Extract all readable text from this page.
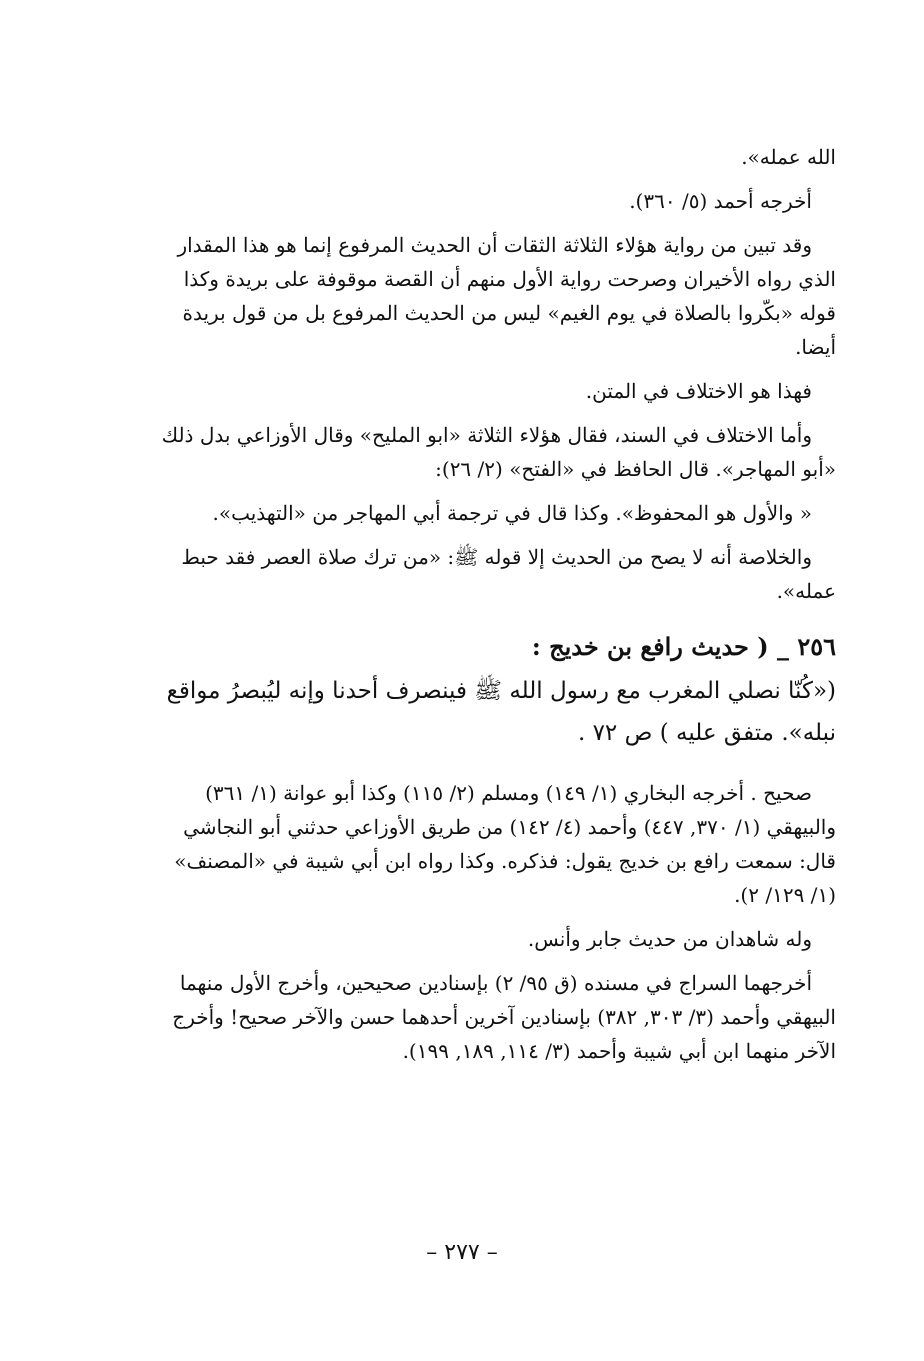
الله عمله».

أخرجه أحمد (٥/ ٣٦٠).

وقد تبين من رواية هؤلاء الثلاثة الثقات أن الحديث المرفوع إنما هو هذا المقدار الذي رواه الأخيران وصرحت رواية الأول منهم أن القصة موقوفة على بريدة وكذا قوله «بكّروا بالصلاة في يوم الغيم» ليس من الحديث المرفوع بل من قول بريدة أيضا.

فهذا هو الاختلاف في المتن.

وأما الاختلاف في السند، فقال هؤلاء الثلاثة «ابو المليح» وقال الأوزاعي بدل ذلك «أبو المهاجر». قال الحافظ في «الفتح» (٢/ ٢٦):

« والأول هو المحفوظ». وكذا قال في ترجمة أبي المهاجر من «التهذيب».

والخلاصة أنه لا يصح من الحديث إلا قوله ﷺ: «من ترك صلاة العصر فقد حبط عمله».

٢٥٦ _ ( حديث رافع بن خديج :

(«كُنّا نصلي المغرب مع رسول الله ﷺ فينصرف أحدنا وإنه ليُبصرُ مواقع نبله». متفق عليه ) ص ٧٢ .

صحيح . أخرجه البخاري (١/ ١٤٩) ومسلم (٢/ ١١٥) وكذا أبو عوانة (١/ ٣٦١) والبيهقي (١/ ٣٧٠, ٤٤٧) وأحمد (٤/ ١٤٢) من طريق الأوزاعي حدثني أبو النجاشي قال: سمعت رافع بن خديج يقول: فذكره. وكذا رواه ابن أبي شيبة في «المصنف» (١/ ١٢٩/ ٢).

وله شاهدان من حديث جابر وأنس.

أخرجهما السراج في مسنده (ق ٩٥/ ٢) بإسنادين صحيحين، وأخرج الأول منهما البيهقي وأحمد (٣/ ٣٠٣, ٣٨٢) بإسنادين آخرين أحدهما حسن والآخر صحيح! وأخرج الآخر منهما ابن أبي شيبة وأحمد (٣/ ١١٤, ١٨٩, ١٩٩).

– ٢٧٧ –
